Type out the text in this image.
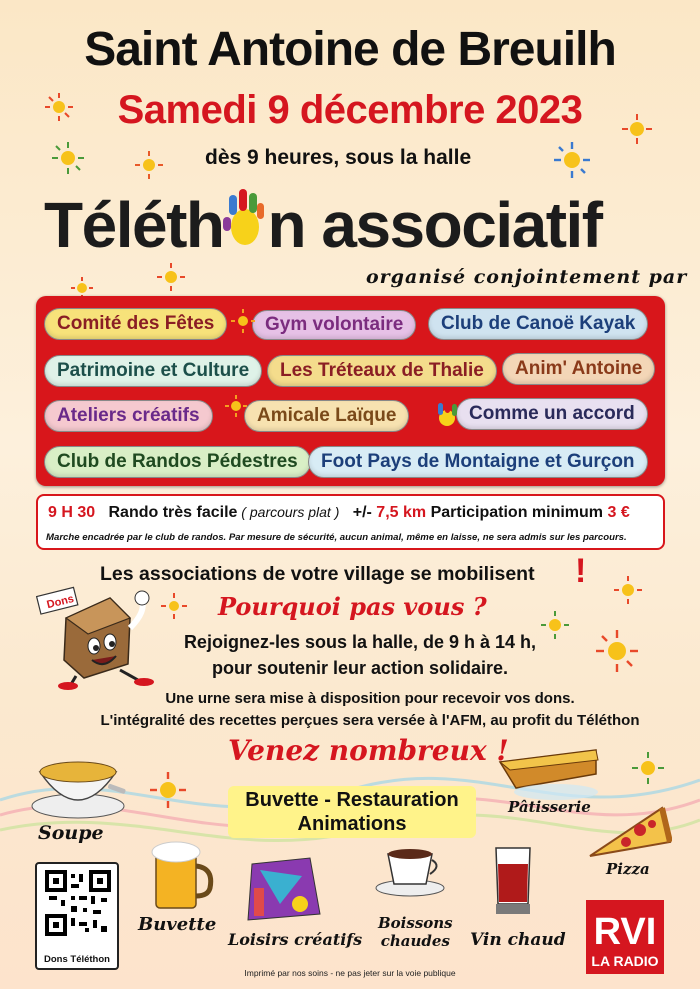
Saint Antoine de Breuilh
Samedi 9 décembre 2023
dès 9 heures, sous la halle
Téléth n associatif
organisé conjointement par
Comité des Fêtes	Gym volontaire	Club de Canoë Kayak
Patrimoine et Culture	Les Tréteaux de Thalie	Anim' Antoine
Ateliers créatifs	Amicale Laïque	Comme un accord
Club de Randos Pédestres	Foot Pays de Montaigne et Gurçon
9 H 30 Rando très facile ( parcours plat ) +/- 7,5 km Participation minimum 3 €
Marche encadrée par le club de randos. Par mesure de sécurité, aucun animal, même en laisse, ne sera admis sur les parcours.
Dons
Les associations de votre village se mobilisent !
Pourquoi pas vous ?
Rejoignez-les sous la halle, de 9 h à 14 h,
pour soutenir leur action solidaire.
Une urne sera mise à disposition pour recevoir vos dons.
L'intégralité des recettes perçues sera versée à l'AFM, au profit du Téléthon
Venez nombreux !
Buvette - Restauration
Animations
Soupe
Pâtisserie
Pizza
Buvette
Loisirs créatifs
Boissons
chaudes Vin chaud
Dons Téléthon
RVI
LA RADIO
Imprimé par nos soins - ne pas jeter sur la voie publique
